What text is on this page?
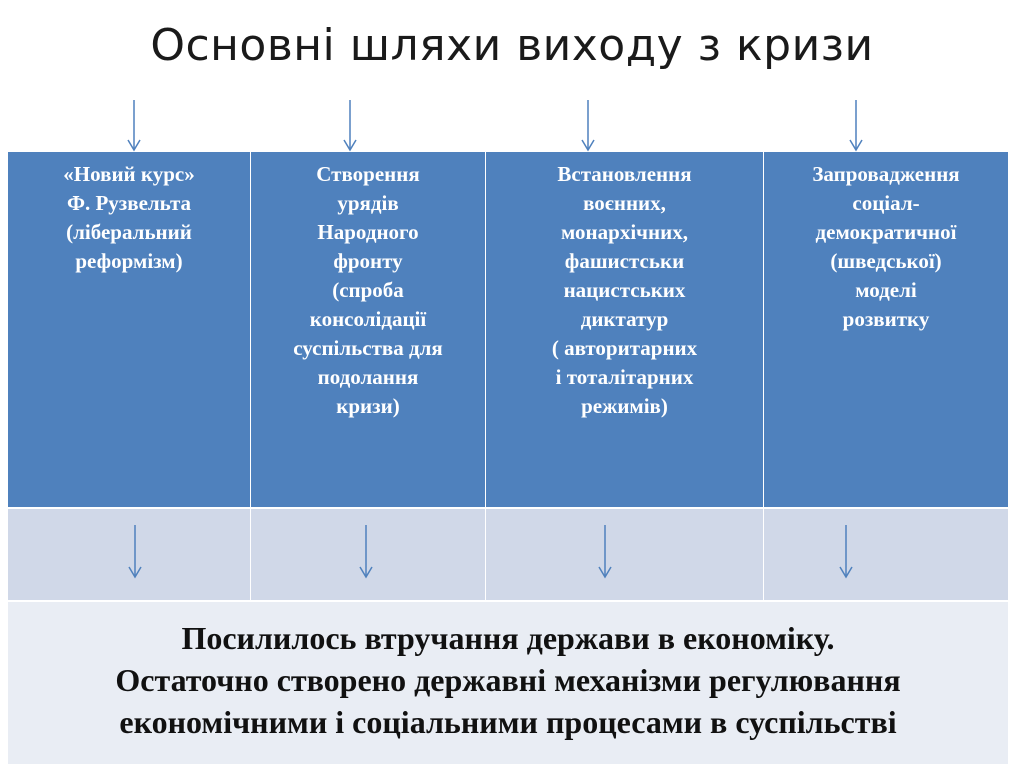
Основні шляхи виходу з кризи
«Новий курс»
Ф. Рузвельта
(ліберальний
реформізм)
Створення
урядів
Народного
фронту
(спроба
консолідації
суспільства для
подолання
кризи)
Встановлення
воєнних,
монархічних,
фашистськи
нацистських
диктатур
( авторитарних
і тоталітарних
режимів)
Запровадження
соціал-
демократичної
(шведської)
моделі
розвитку
Посилилось втручання держави в економіку.
Остаточно створено державні механізми регулювання
економічними і соціальними процесами в суспільстві
